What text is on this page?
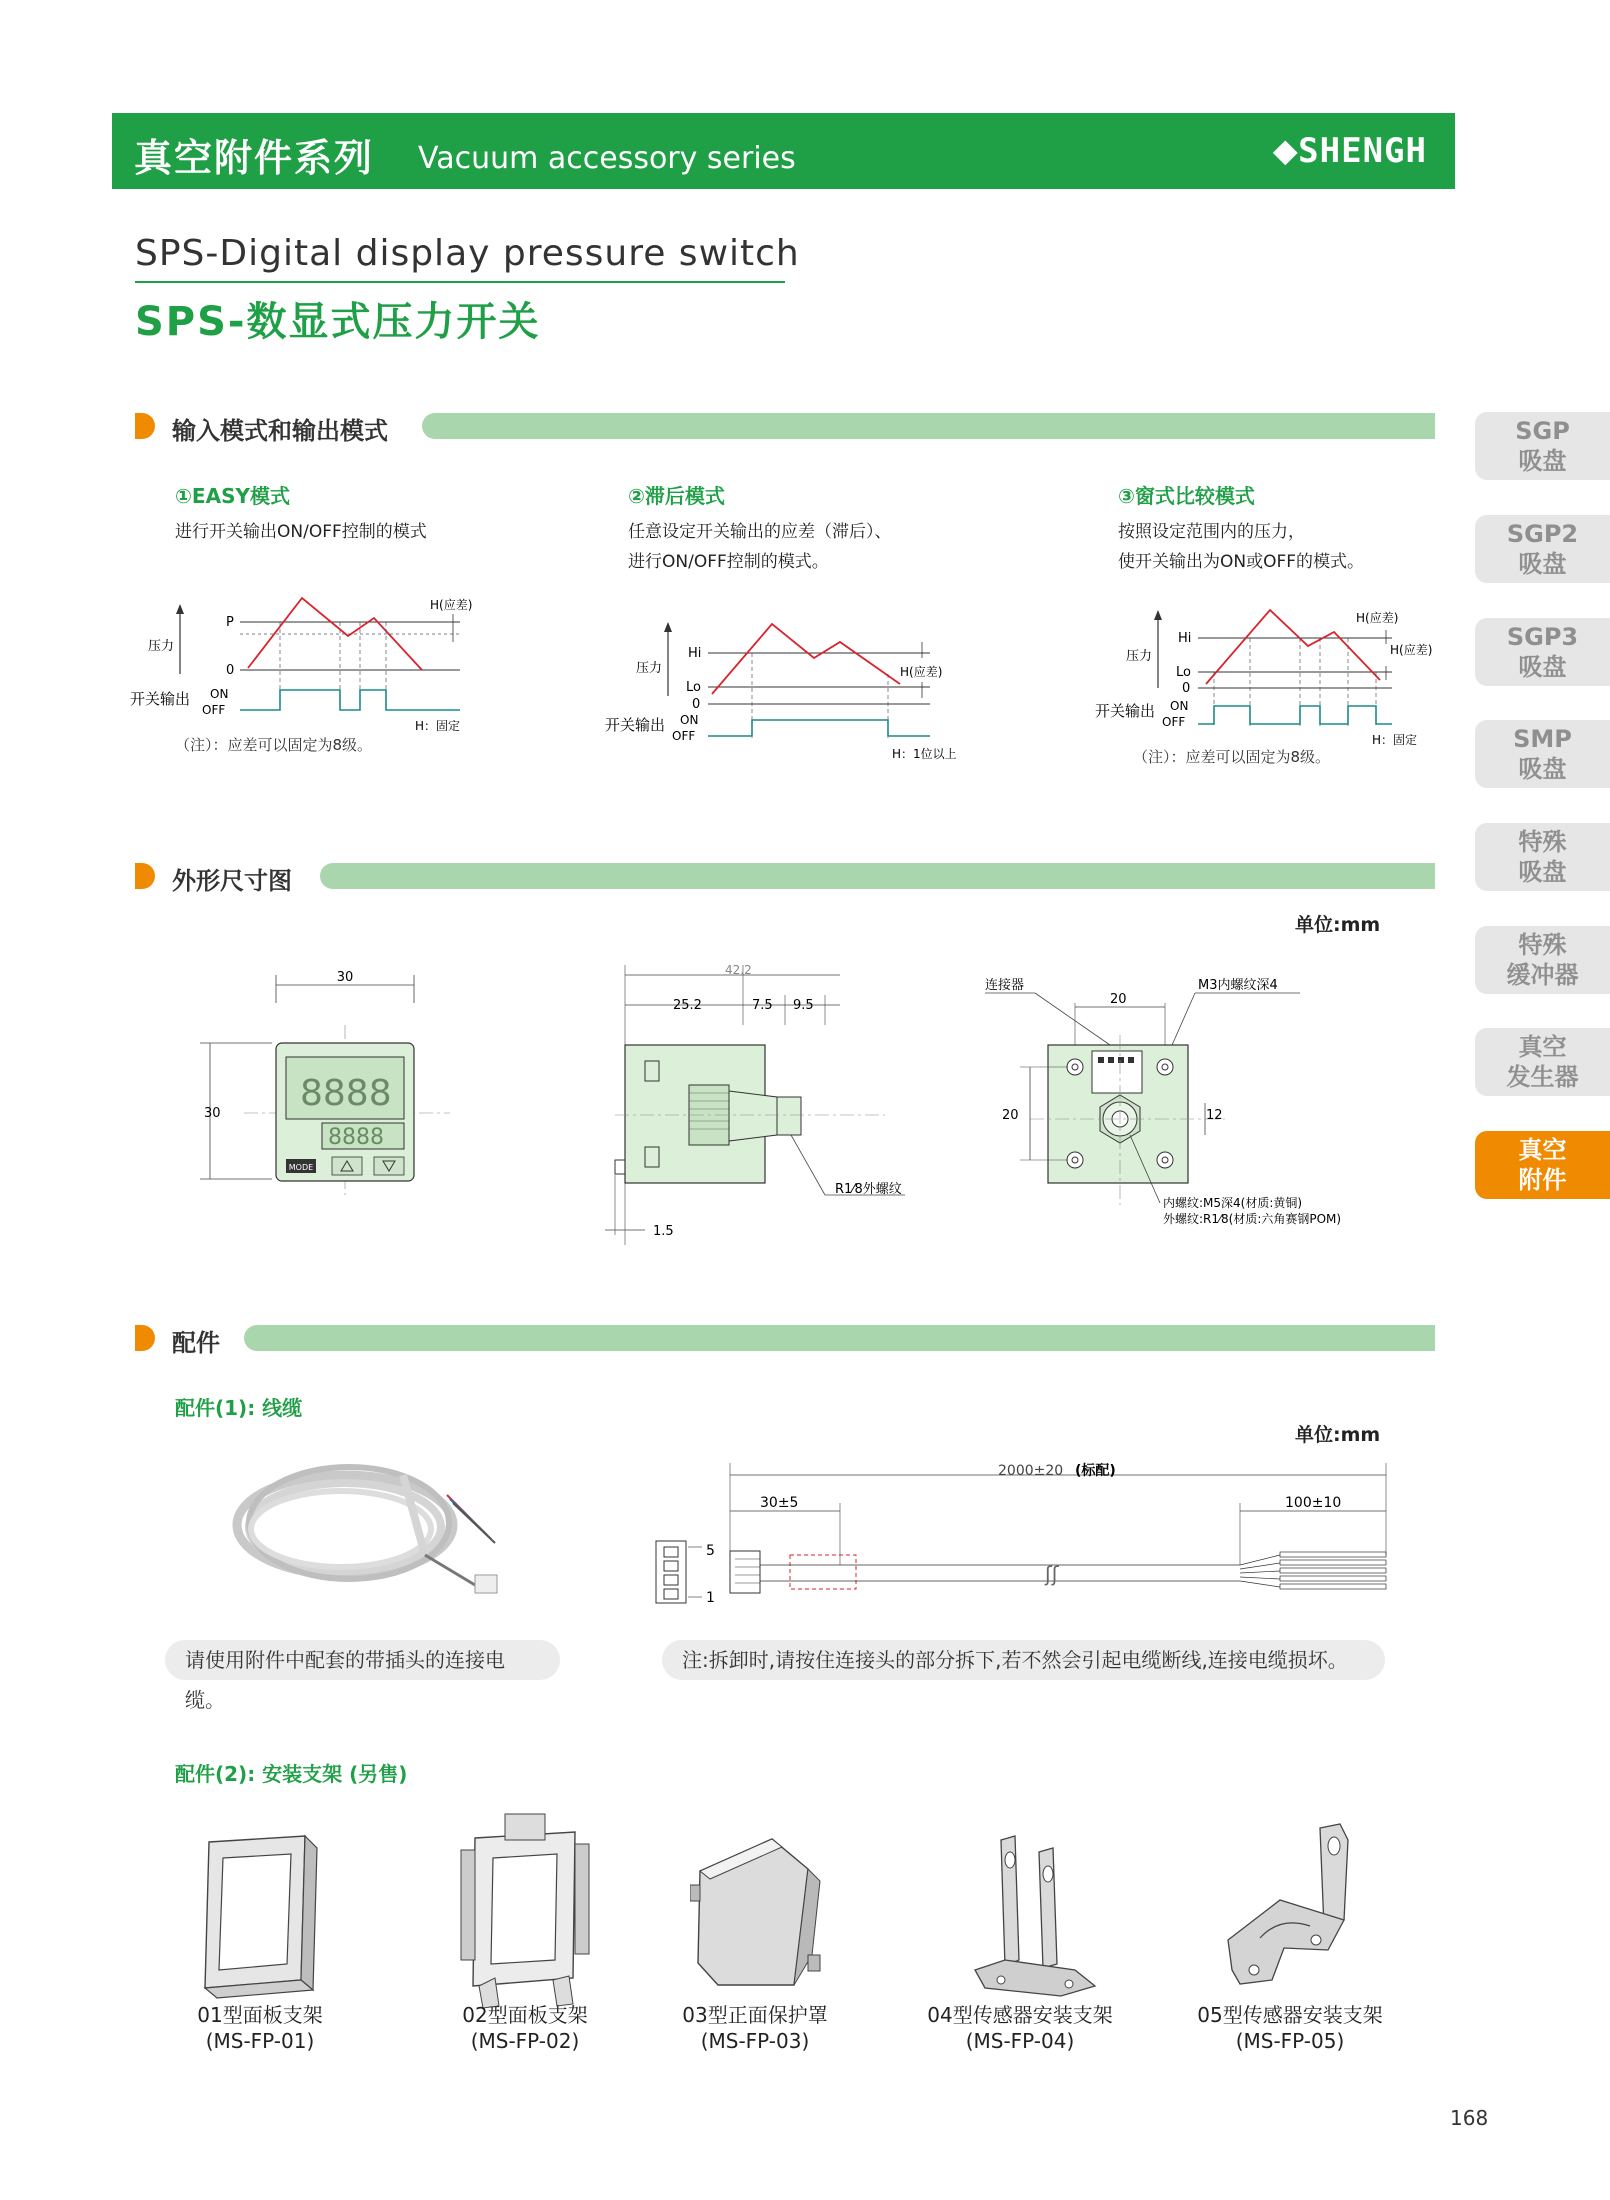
真空附件系列 Vacuum accessory series	⬥SHENGH
SPS-Digital display pressure switch
SPS-数显式压力开关
SGP
吸盘
SGP2
吸盘
SGP3
吸盘
SMP
吸盘
特殊
吸盘
特殊
缓冲器
真空
发生器
真空
附件
输入模式和输出模式
①EASY模式
进行开关输出ON/OFF控制的模式
压力
P
0
H(应差)
开关输出 ON
OFF
H：固定
（注）：应差可以固定为8级。
②滞后模式
任意设定开关输出的应差（滞后）、
进行ON/OFF控制的模式。
压力
Hi
Lo
0
H(应差)
开关输出 ON
OFF
H：1位以上
③窗式比较模式
按照设定范围内的压力，
使开关输出为ON或OFF的模式。
压力
Hi
Lo
0
H(应差)
H(应差)
开关输出 ON
OFF
H：固定
（注）：应差可以固定为8级。
外形尺寸图
单位:mm
30
30 8888
8888
MODE
42.2
25.2	7.5 9.5
1.5
R1⁄8外螺纹
连接器	M3内螺纹深4
20
20	12
内螺纹:M5深4(材质:黄铜)
外螺纹:R1⁄8(材质:六角赛钢POM)
配件
配件(1): 线缆
单位:mm
2000±20 (标配)
30±5	100±10
5
1
ʃʃ
请使用附件中配套的带插头的连接电缆。
注:拆卸时,请按住连接头的部分拆下,若不然会引起电缆断线,连接电缆损坏。
配件(2): 安装支架 (另售)
01型面板支架
(MS-FP-01)
02型面板支架
(MS-FP-02)
03型正面保护罩
(MS-FP-03)
04型传感器安装支架
(MS-FP-04)
05型传感器安装支架
(MS-FP-05)
168
